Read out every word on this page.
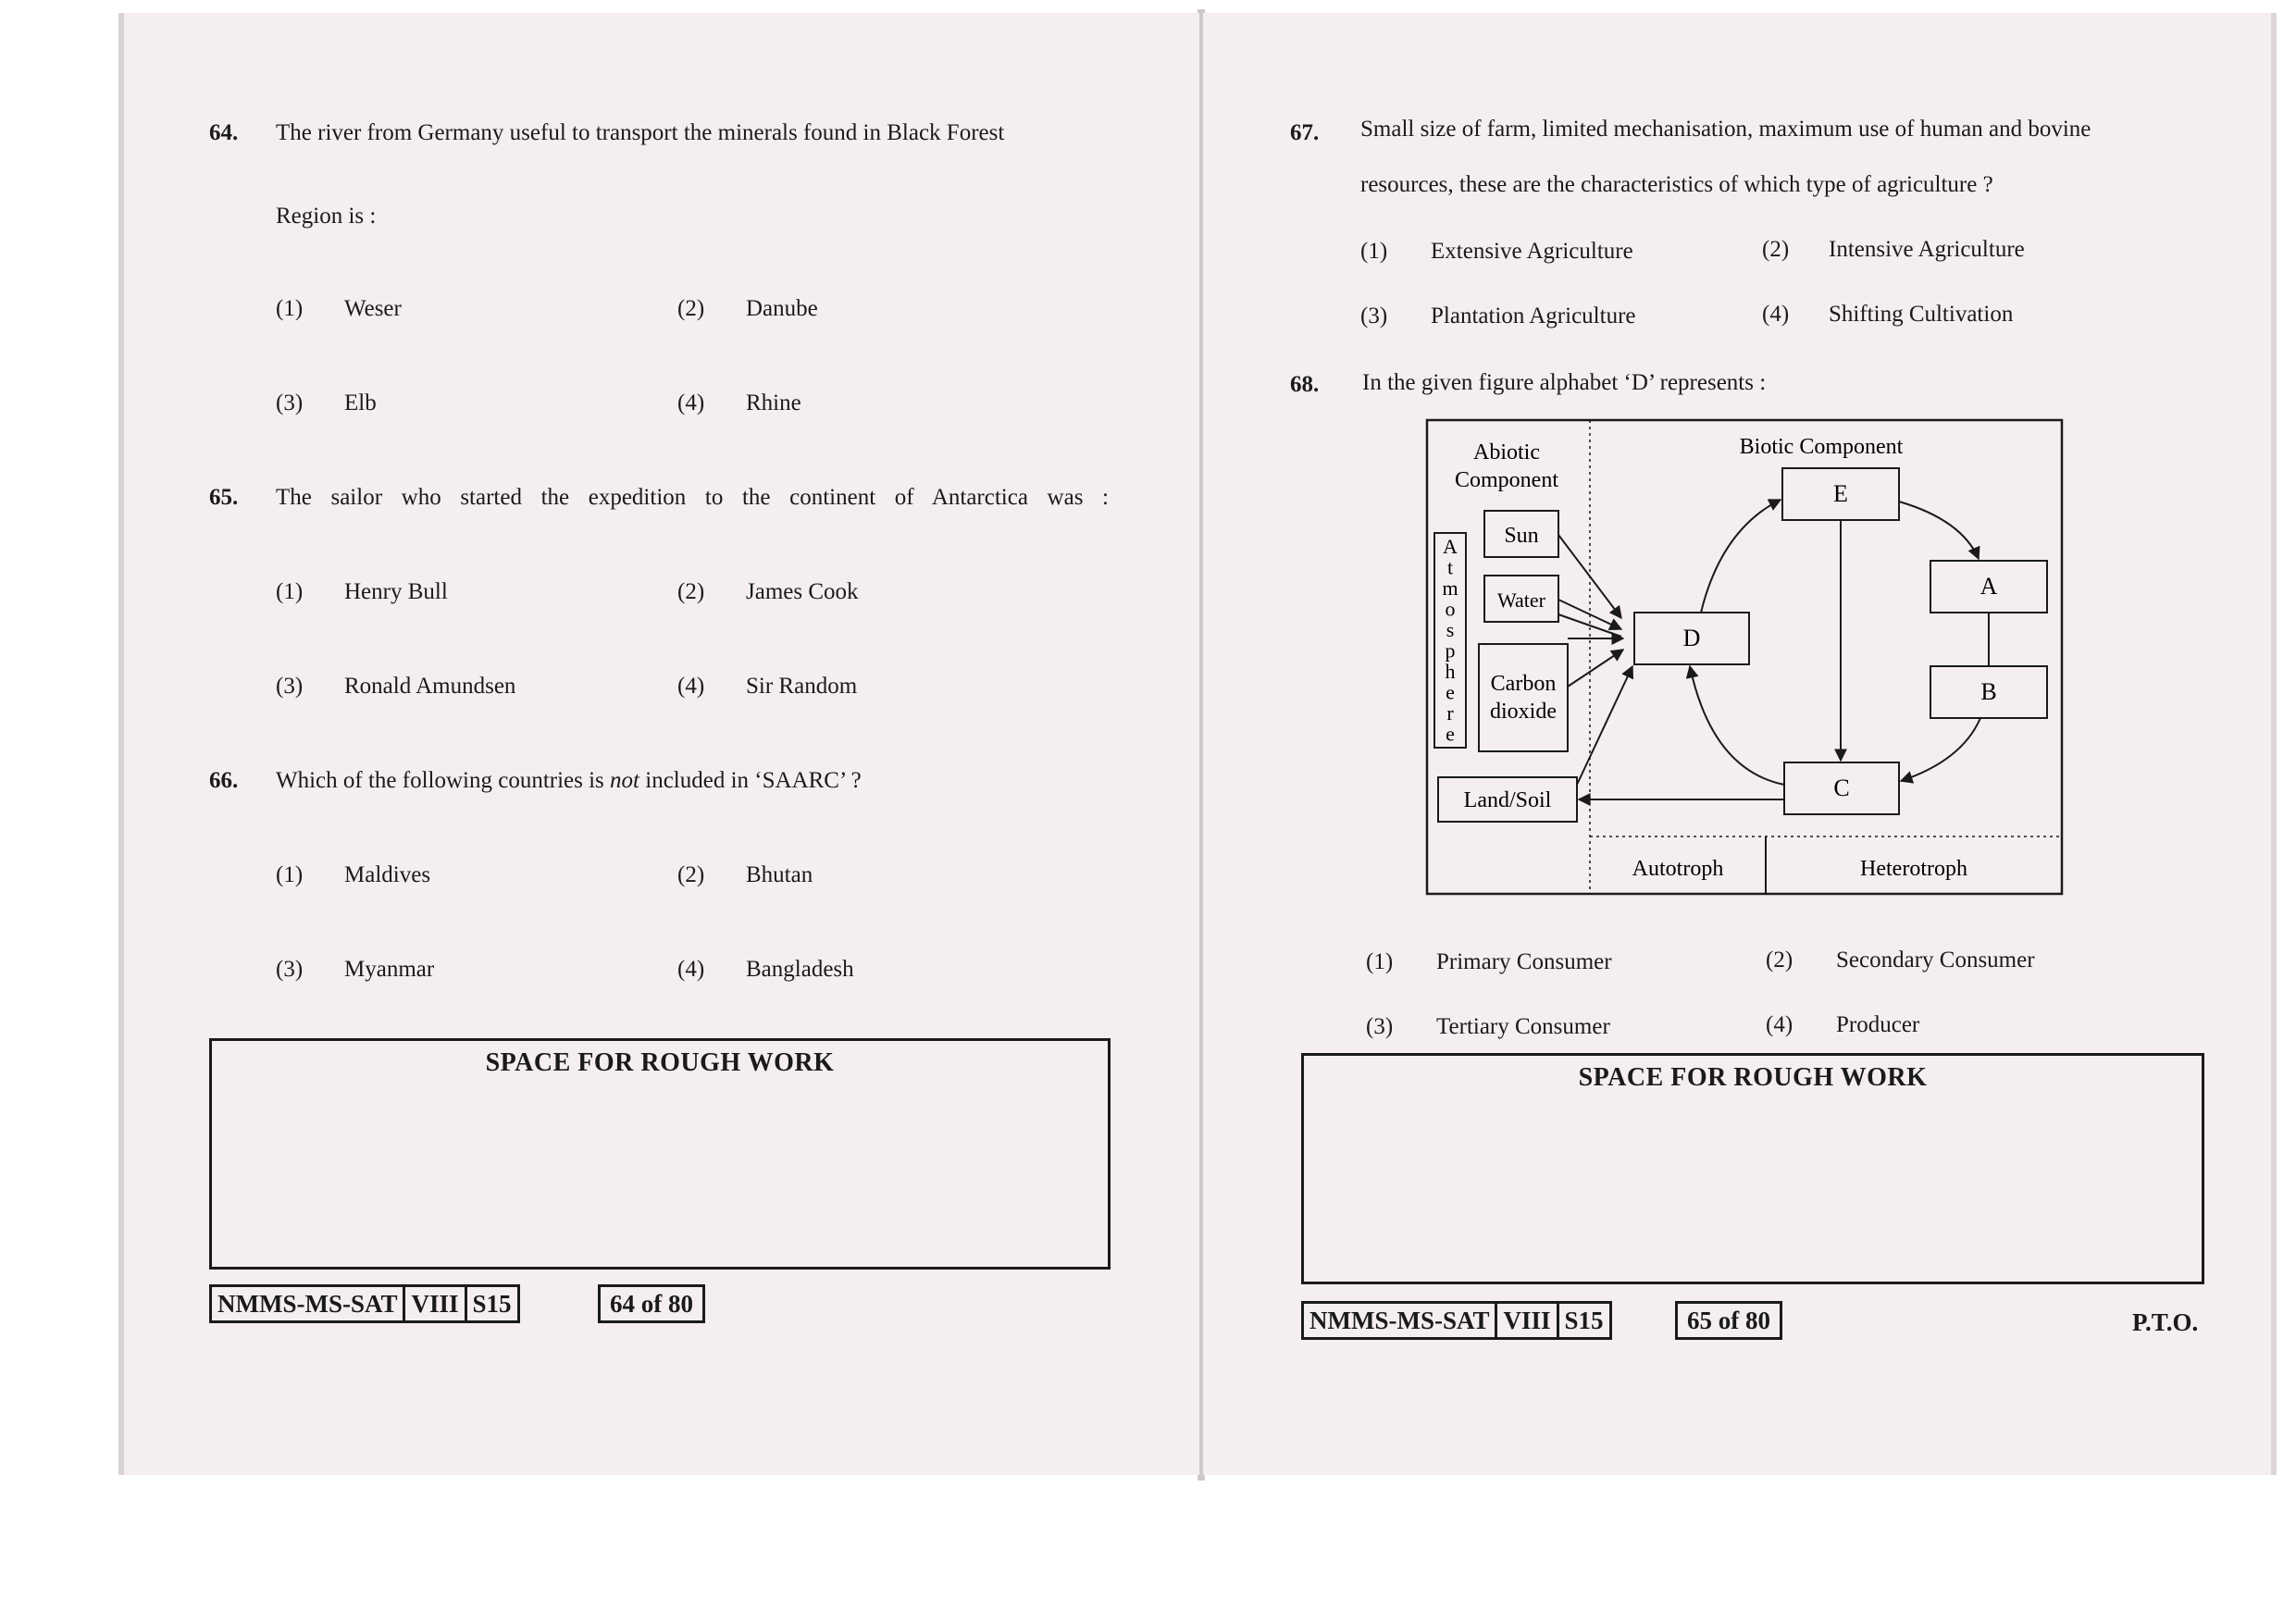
64. The river from Germany useful to transport the minerals found in Black Forest
Region is :
(1) Weser	(2) Danube
(3) Elb	(4) Rhine
65. The sailor who started the expedition to the continent of Antarctica was :
(1) Henry Bull	(2) James Cook
(3) Ronald Amundsen	(4) Sir Random
66. Which of the following countries is not included in ‘SAARC’ ?
(1) Maldives	(2) Bhutan
(3) Myanmar	(4) Bangladesh
SPACE FOR ROUGH WORK
NMMS-MS-SAT VIII S15	64 of 80
67. Small size of farm, limited mechanisation, maximum use of human and bovine
resources, these are the characteristics of which type of agriculture ?
(1) Extensive Agriculture	(2) Intensive Agriculture
(3) Plantation Agriculture	(4) Shifting Cultivation
68. In the given figure alphabet ‘D’ represents :
Abiotic
Component
Biotic Component
A
t
m
o
s
p
h
e
r
e
Sun
Water
Carbon
dioxide
Land/Soil
D
E
A
B
C
Autotroph	Heterotroph
(1) Primary Consumer	(2) Secondary Consumer
(3) Tertiary Consumer	(4) Producer
SPACE FOR ROUGH WORK
NMMS-MS-SAT VIII S15	65 of 80	P.T.O.
